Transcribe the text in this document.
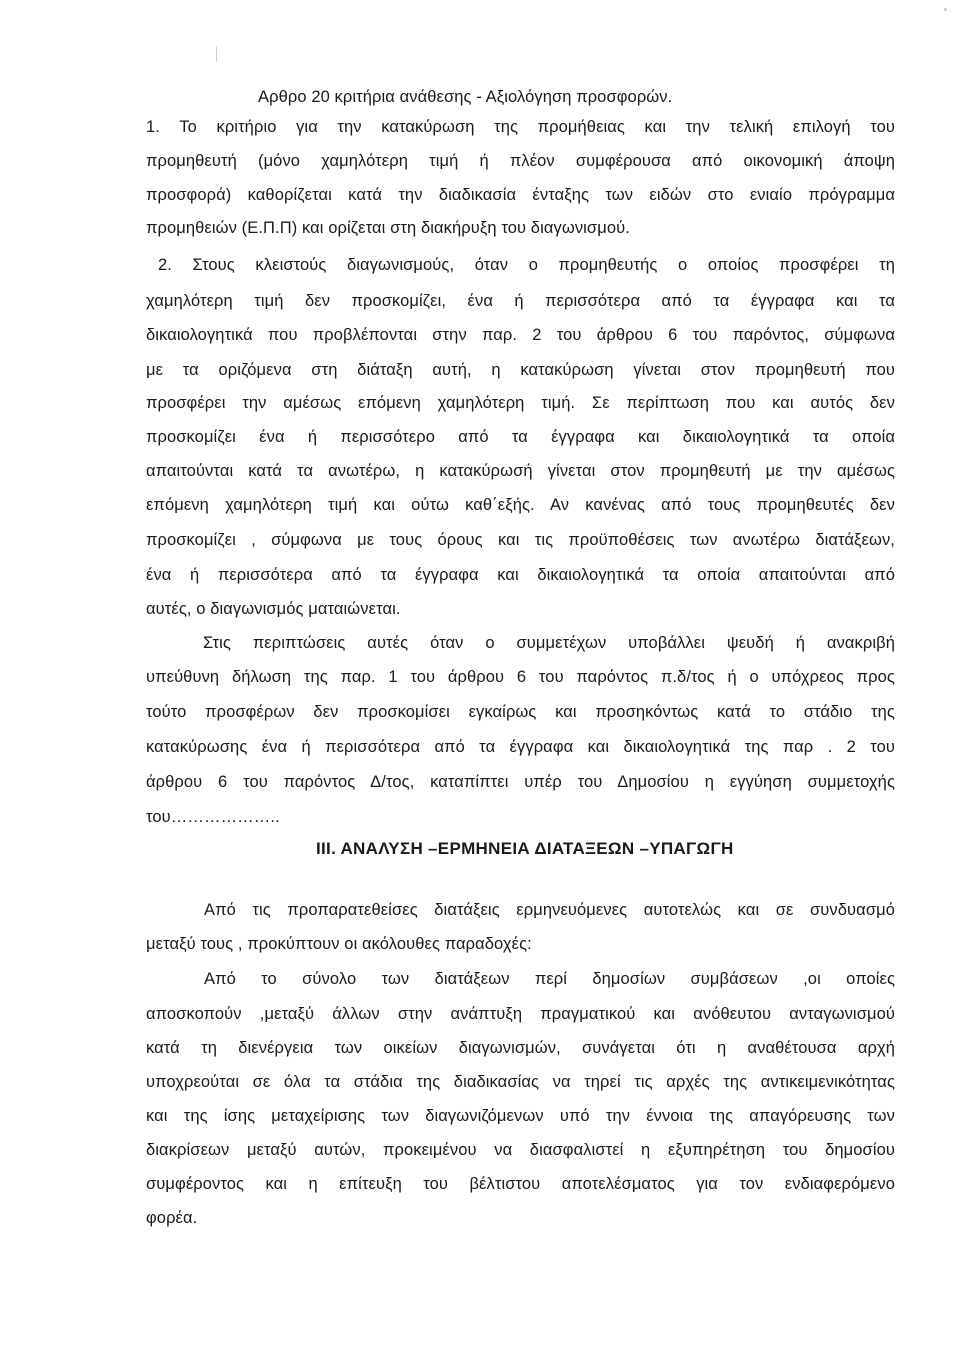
Αρθρο 20 κριτήρια ανάθεσης - Αξιολόγηση προσφορών.
1. Το κριτήριο για την κατακύρωση της προμήθειας και την τελική επιλογή του
προμηθευτή (μόνο χαμηλότερη τιμή ή πλέον συμφέρουσα από οικονομική άποψη
προσφορά) καθορίζεται κατά την διαδικασία ένταξης των ειδών στο ενιαίο πρόγραμμα
προμηθειών (Ε.Π.Π) και ορίζεται στη διακήρυξη του διαγωνισμού.
2. Στους κλειστούς διαγωνισμούς, όταν ο προμηθευτής ο οποίος προσφέρει τη
χαμηλότερη τιμή δεν προσκομίζει, ένα ή περισσότερα από τα έγγραφα και τα
δικαιολογητικά που προβλέπονται στην παρ. 2 του άρθρου 6 του παρόντος, σύμφωνα
με τα οριζόμενα στη διάταξη αυτή, η κατακύρωση γίνεται στον προμηθευτή που
προσφέρει την αμέσως επόμενη χαμηλότερη τιμή. Σε περίπτωση που και αυτός δεν
προσκομίζει ένα ή περισσότερο από τα έγγραφα και δικαιολογητικά τα οποία
απαιτούνται κατά τα ανωτέρω, η κατακύρωσή γίνεται στον προμηθευτή με την αμέσως
επόμενη χαμηλότερη τιμή και ούτω καθ΄εξής. Αν κανένας από τους προμηθευτές δεν
προσκομίζει , σύμφωνα με τους όρους και τις προϋποθέσεις των ανωτέρω διατάξεων,
ένα ή περισσότερα από τα έγγραφα και δικαιολογητικά τα οποία απαιτούνται από
αυτές, ο διαγωνισμός ματαιώνεται.
Στις περιπτώσεις αυτές όταν ο συμμετέχων υποβάλλει ψευδή ή ανακριβή
υπεύθυνη δήλωση της παρ. 1 του άρθρου 6 του παρόντος π.δ/τος ή ο υπόχρεος προς
τούτο προσφέρων δεν προσκομίσει εγκαίρως και προσηκόντως κατά το στάδιο της
κατακύρωσης ένα ή περισσότερα από τα έγγραφα και δικαιολογητικά της παρ . 2 του
άρθρου 6 του παρόντος Δ/τος, καταπίπτει υπέρ του Δημοσίου η εγγύηση συμμετοχής
του………………..
ΙΙΙ. ΑΝΑΛΥΣΗ –ΕΡΜΗΝΕΙΑ ΔΙΑΤΑΞΕΩΝ –ΥΠΑΓΩΓΗ
Από τις προπαρατεθείσες διατάξεις ερμηνευόμενες αυτοτελώς και σε συνδυασμό
μεταξύ τους , προκύπτουν οι ακόλουθες παραδοχές:
Από το σύνολο των διατάξεων περί δημοσίων συμβάσεων ,οι οποίες
αποσκοπούν ,μεταξύ άλλων στην ανάπτυξη πραγματικού και ανόθευτου ανταγωνισμού
κατά τη διενέργεια των οικείων διαγωνισμών, συνάγεται ότι η αναθέτουσα αρχή
υποχρεούται σε όλα τα στάδια της διαδικασίας να τηρεί τις αρχές της αντικειμενικότητας
και της ίσης μεταχείρισης των διαγωνιζόμενων υπό την έννοια της απαγόρευσης των
διακρίσεων μεταξύ αυτών, προκειμένου να διασφαλιστεί η εξυπηρέτηση του δημοσίου
συμφέροντος και η επίτευξη του βέλτιστου αποτελέσματος για τον ενδιαφερόμενο
φορέα.
